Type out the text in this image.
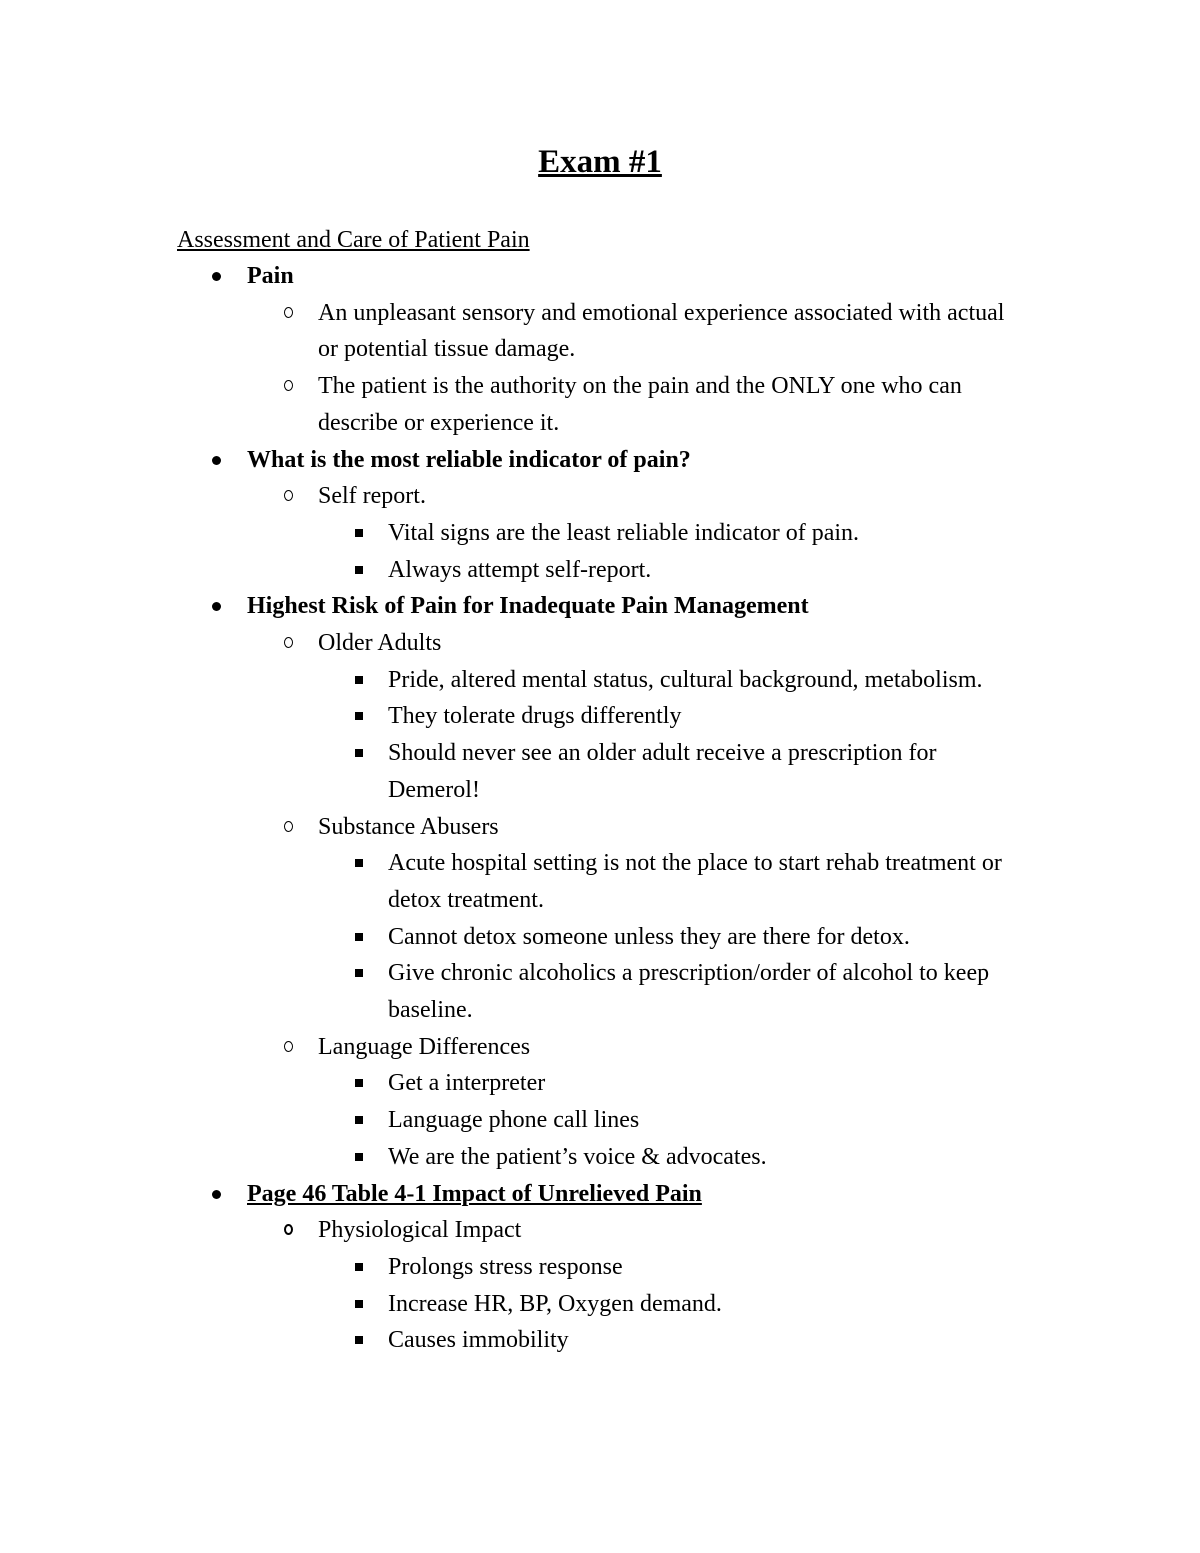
Exam #1
Assessment and Care of Patient Pain
Pain
An unpleasant sensory and emotional experience associated with actual or potential tissue damage.
The patient is the authority on the pain and the ONLY one who can describe or experience it.
What is the most reliable indicator of pain?
Self report.
Vital signs are the least reliable indicator of pain.
Always attempt self-report.
Highest Risk of Pain for Inadequate Pain Management
Older Adults
Pride, altered mental status, cultural background, metabolism.
They tolerate drugs differently
Should never see an older adult receive a prescription for Demerol!
Substance Abusers
Acute hospital setting is not the place to start rehab treatment or detox treatment.
Cannot detox someone unless they are there for detox.
Give chronic alcoholics a prescription/order of alcohol to keep baseline.
Language Differences
Get a interpreter
Language phone call lines
We are the patient’s voice & advocates.
Page 46 Table 4-1 Impact of Unrelieved Pain
Physiological Impact
Prolongs stress response
Increase HR, BP, Oxygen demand.
Causes immobility
